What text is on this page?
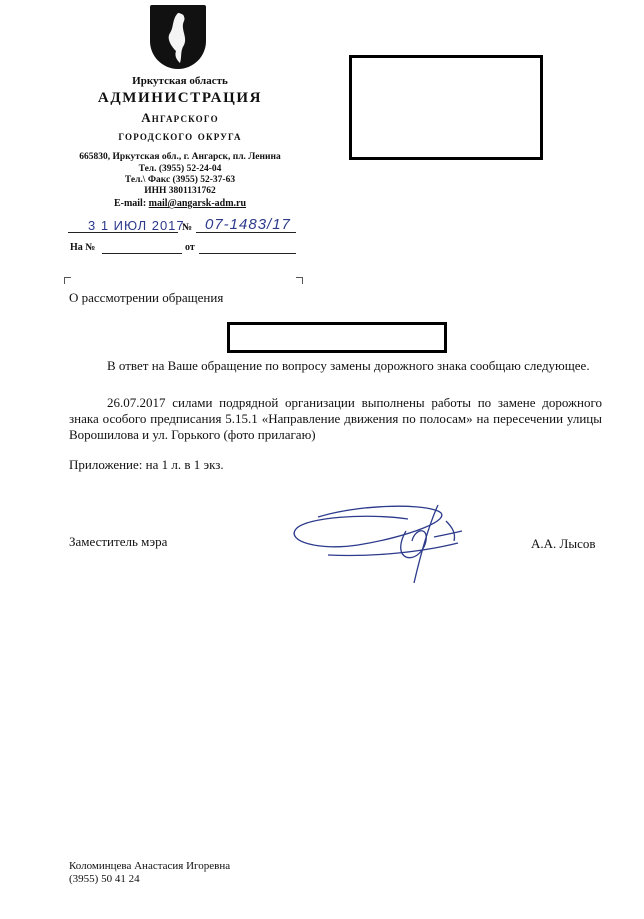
Иркутская область
АДМИНИСТРАЦИЯ
Ангарского
городского округа
665830, Иркутская обл., г. Ангарск, пл. Ленина
Тел. (3955) 52-24-04
Тел.\ Факс (3955) 52-37-63
ИНН 3801131762
E-mail: mail@angarsk-adm.ru
3 1 ИЮЛ 2017
№ 07-1483/17
На №	от
О рассмотрении обращения
В ответ на Ваше обращение по вопросу замены дорожного знака сообщаю следующее.
26.07.2017 силами подрядной организации выполнены работы по замене дорожного знака особого предписания 5.15.1 «Направление движения по полосам» на пересечении улицы Ворошилова и ул. Горького (фото прилагаю)
Приложение: на 1 л. в 1 экз.
Заместитель мэра	А.А. Лысов
Коломинцева Анастасия Игоревна
(3955) 50 41 24
